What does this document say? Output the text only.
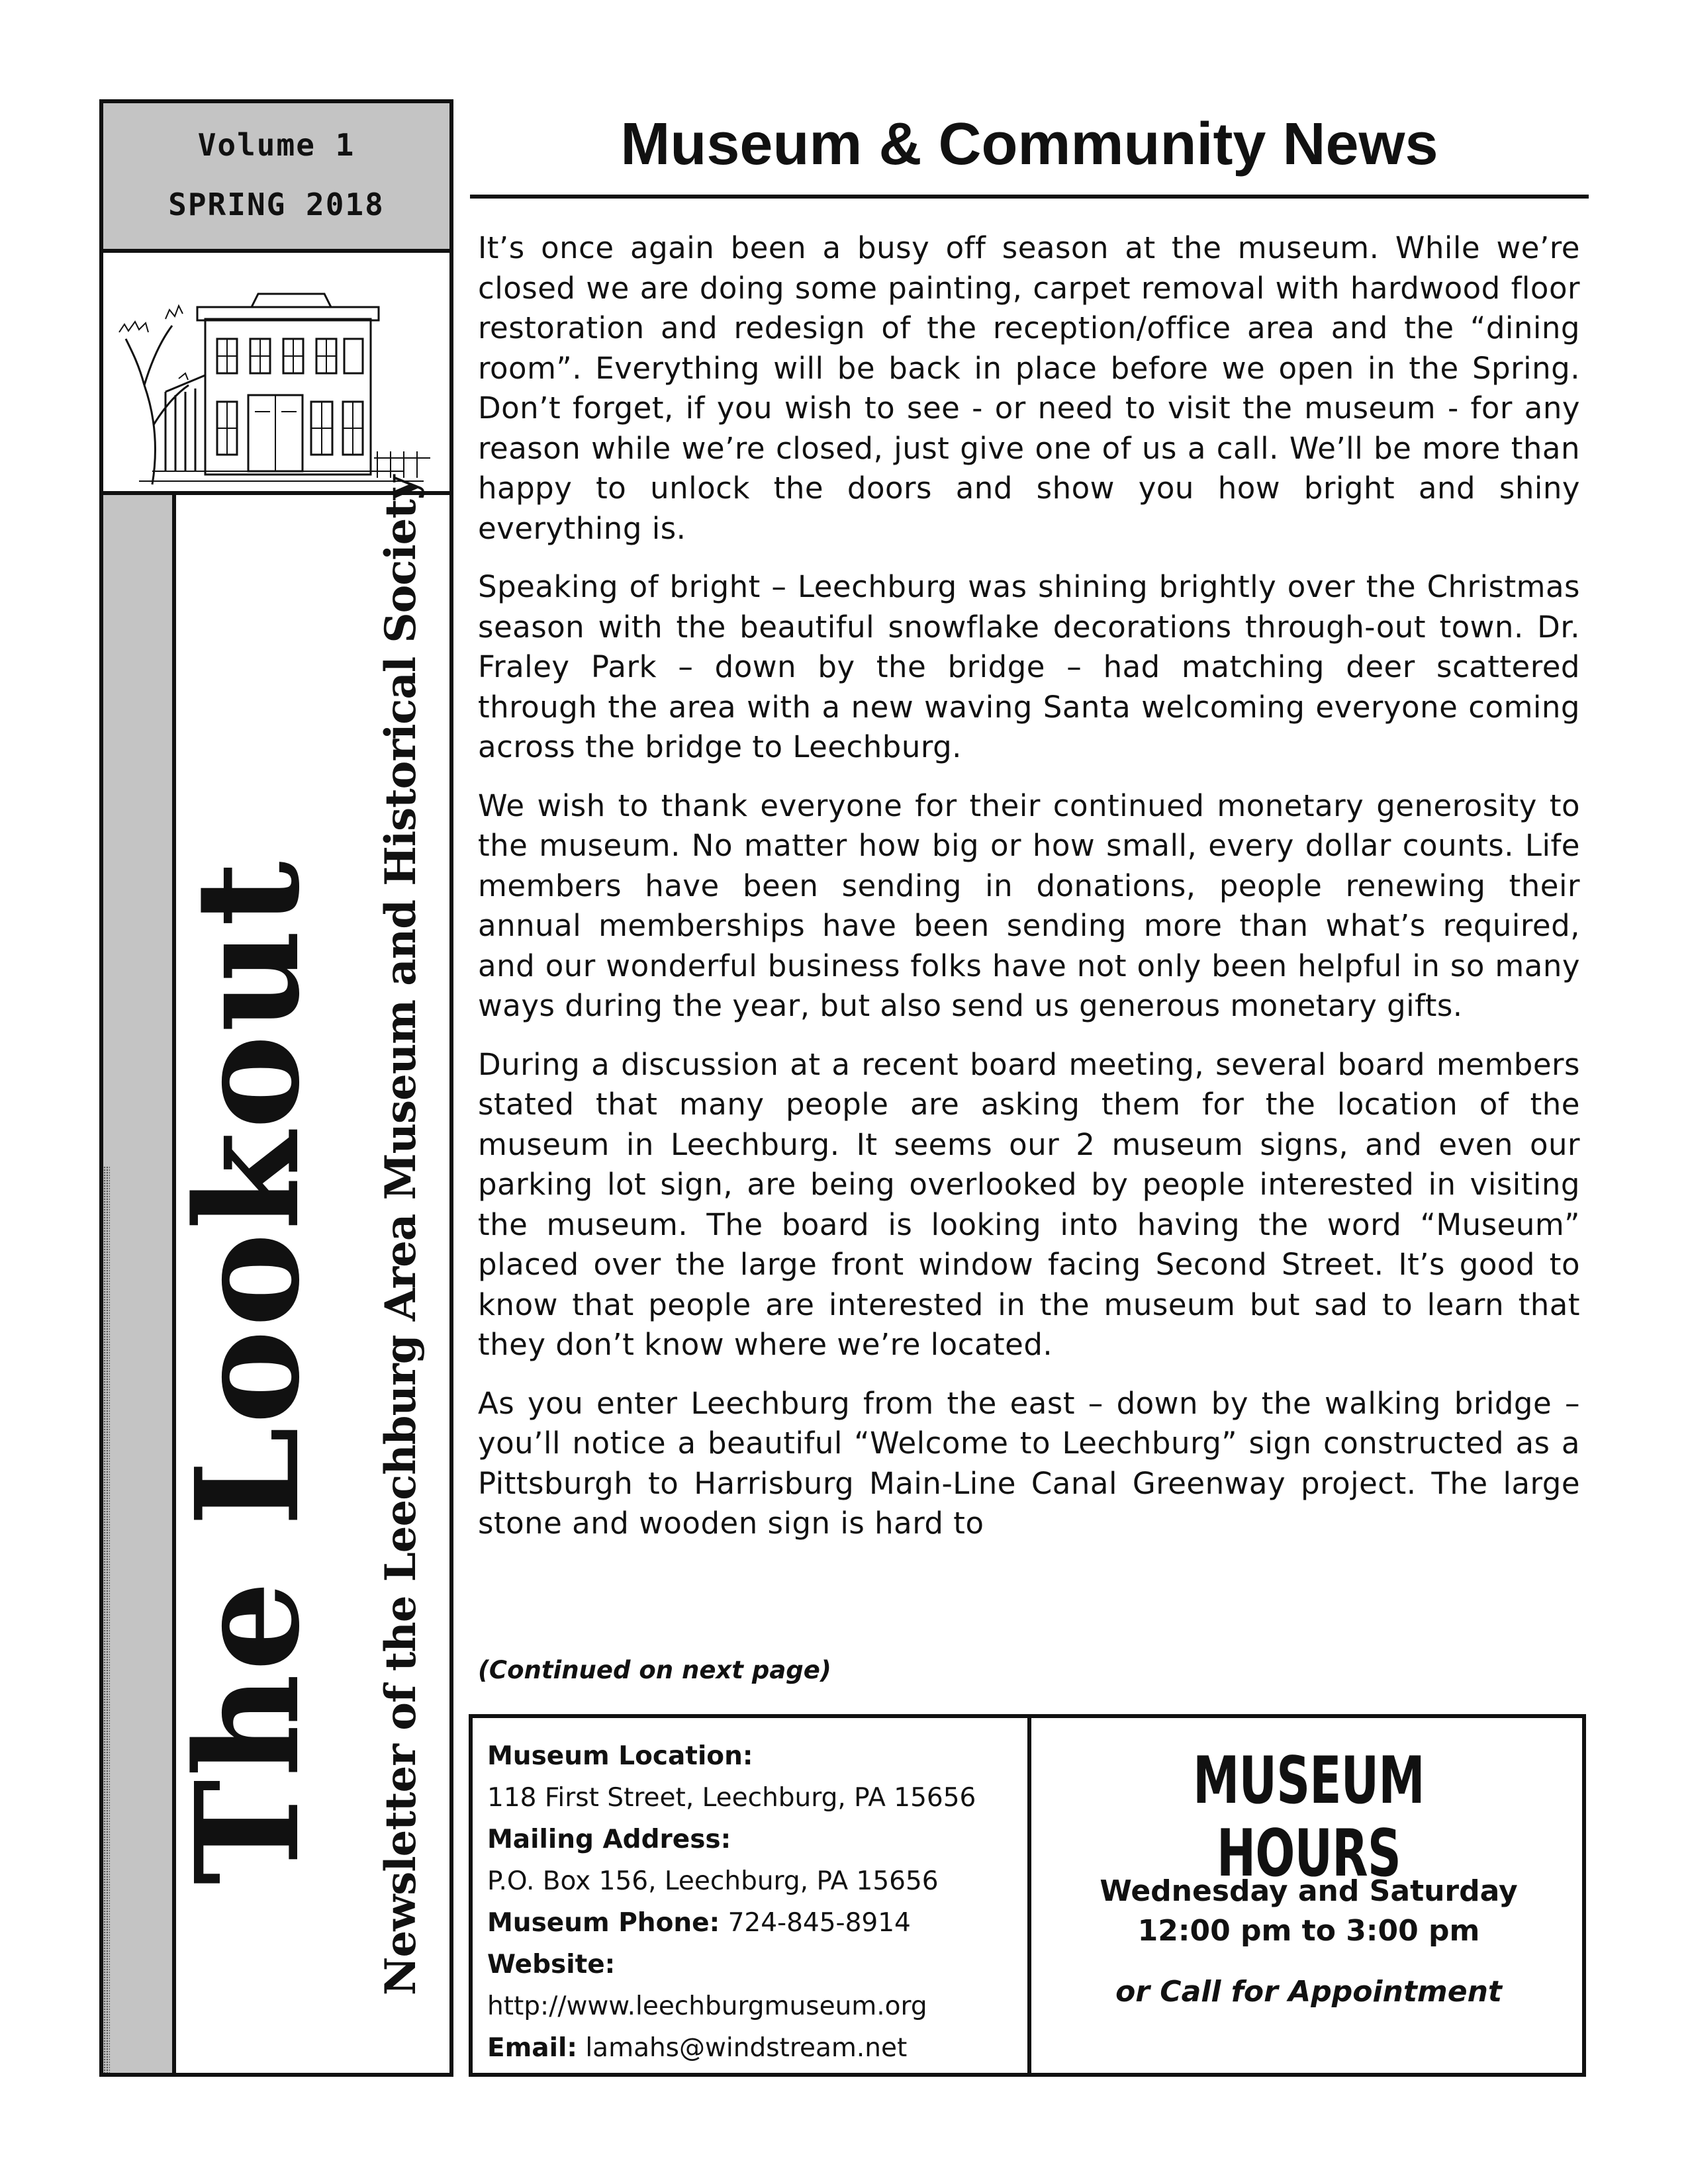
Volume 1
SPRING 2018
The Lookout Newsletter of the Leechburg Area Museum and Historical Society
Museum & Community News

It’s once again been a busy off season at the museum. While we’re closed we are doing some painting, carpet removal with hardwood floor restoration and redesign of the reception/office area and the “dining room”. Everything will be back in place before we open in the Spring. Don’t forget, if you wish to see - or need to visit the museum - for any reason while we’re closed, just give one of us a call. We’ll be more than happy to unlock the doors and show you how bright and shiny everything is.

Speaking of bright – Leechburg was shining brightly over the Christmas season with the beautiful snowflake decorations through-out town. Dr. Fraley Park – down by the bridge – had matching deer scattered through the area with a new waving Santa welcoming everyone coming across the bridge to Leechburg.

We wish to thank everyone for their continued monetary generosity to the museum. No matter how big or how small, every dollar counts. Life members have been sending in donations, people renewing their annual memberships have been sending more than what’s required, and our wonderful business folks have not only been helpful in so many ways during the year, but also send us generous monetary gifts.

During a discussion at a recent board meeting, several board members stated that many people are asking them for the location of the museum in Leechburg. It seems our 2 museum signs, and even our parking lot sign, are being overlooked by people interested in visiting the museum. The board is looking into having the word “Museum” placed over the large front window facing Second Street. It’s good to know that people are interested in the museum but sad to learn that they don’t know where we’re located.

As you enter Leechburg from the east – down by the walking bridge – you’ll notice a beautiful “Welcome to Leechburg” sign constructed as a Pittsburgh to Harrisburg Main-Line Canal Greenway project. The large stone and wooden sign is hard to

(Continued on next page)
Museum Location:
118 First Street, Leechburg, PA 15656
Mailing Address:
P.O. Box 156, Leechburg, PA 15656
Museum Phone: 724-845-8914
Website:
http://www.leechburgmuseum.org
Email: lamahs@windstream.net
MUSEUM HOURS
Wednesday and Saturday
12:00 pm to 3:00 pm
or Call for Appointment
